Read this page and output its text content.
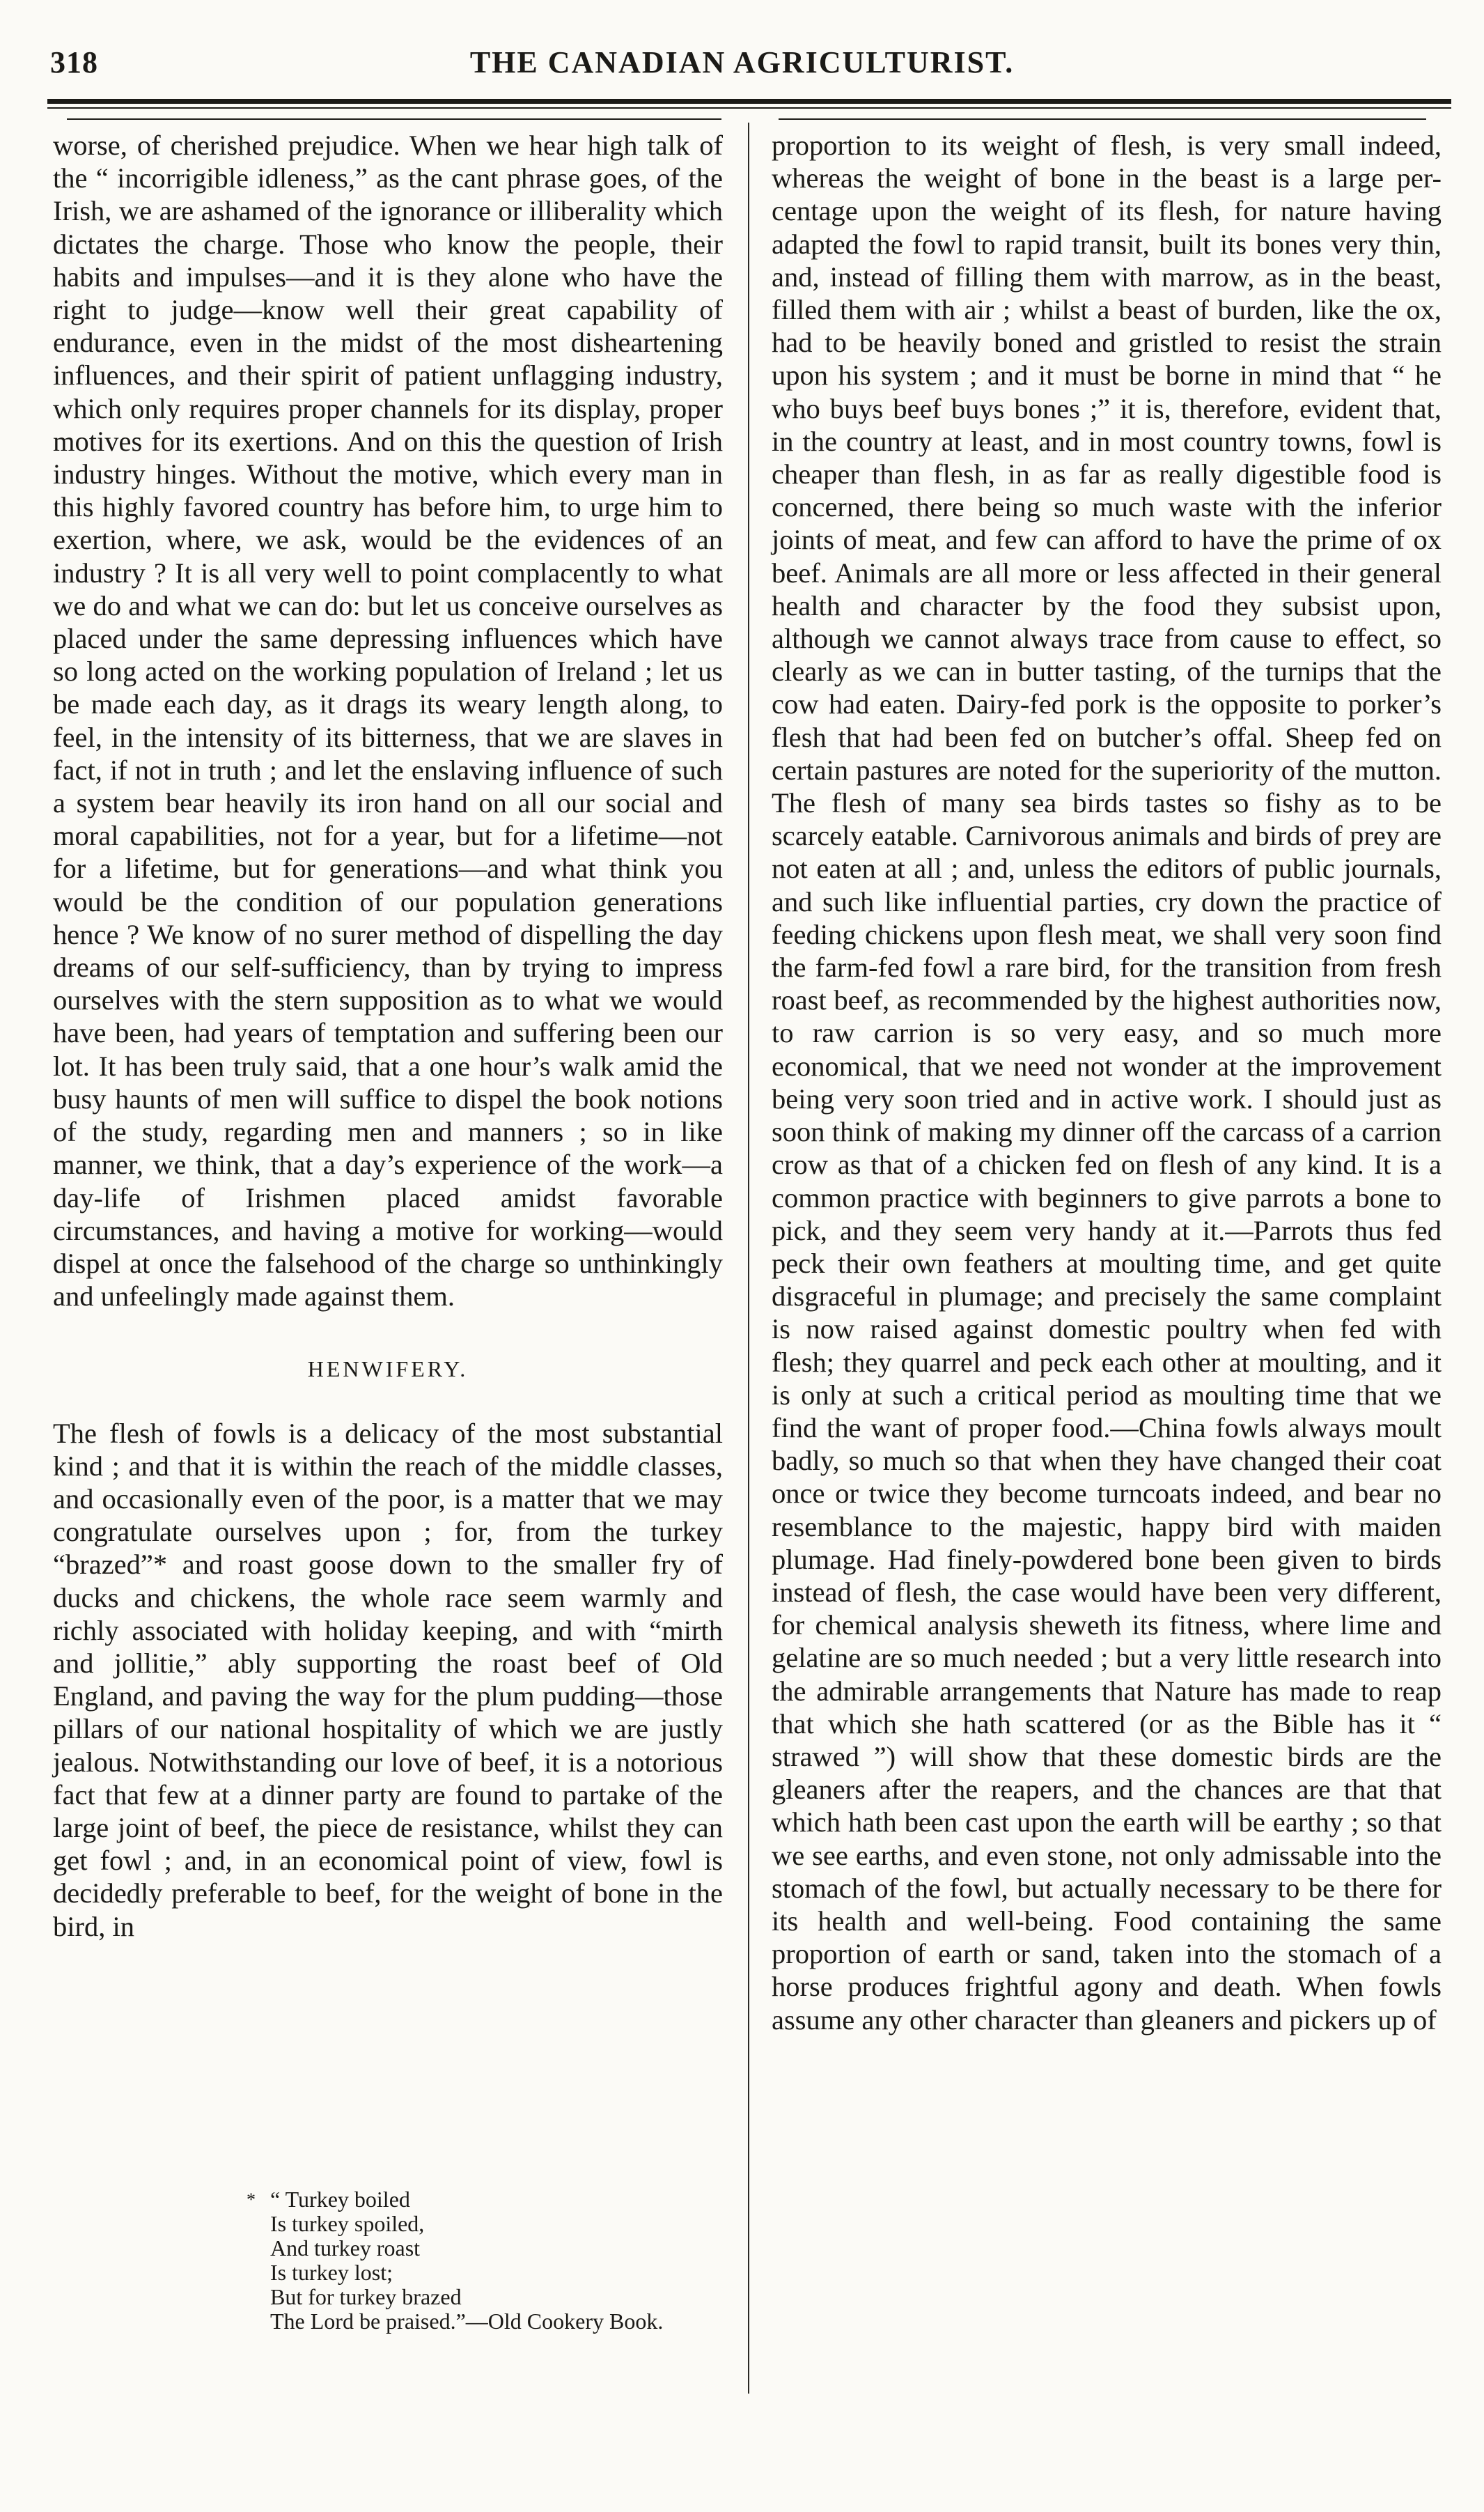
318	THE CANADIAN AGRICULTURIST.

worse, of cherished prejudice. When we hear high talk of the “ incorrigible idleness,” as the cant phrase goes, of the Irish, we are ashamed of the ignorance or illiberality which dictates the charge. Those who know the people, their habits and impulses—and it is they alone who have the right to judge—know well their great capability of endurance, even in the midst of the most disheartening influences, and their spirit of patient unflagging industry, which only requires proper channels for its display, proper motives for its exertions. And on this the question of Irish industry hinges. Without the motive, which every man in this highly favored country has before him, to urge him to exertion, where, we ask, would be the evidences of an industry ? It is all very well to point complacently to what we do and what we can do: but let us conceive ourselves as placed under the same depressing influences which have so long acted on the working population of Ireland ; let us be made each day, as it drags its weary length along, to feel, in the intensity of its bitterness, that we are slaves in fact, if not in truth ; and let the enslaving influence of such a system bear heavily its iron hand on all our social and moral capabilities, not for a year, but for a lifetime—not for a lifetime, but for generations—and what think you would be the condition of our population generations hence ? We know of no surer method of dispelling the day dreams of our self-sufficiency, than by trying to impress ourselves with the stern supposition as to what we would have been, had years of temptation and suffering been our lot. It has been truly said, that a one hour’s walk amid the busy haunts of men will suffice to dispel the book notions of the study, regarding men and manners ; so in like manner, we think, that a day’s experience of the work—a day-life of Irishmen placed amidst favorable circumstances, and having a motive for working—would dispel at once the falsehood of the charge so unthinkingly and unfeelingly made against them.

HENWIFERY.

The flesh of fowls is a delicacy of the most substantial kind ; and that it is within the reach of the middle classes, and occasionally even of the poor, is a matter that we may congratulate ourselves upon ; for, from the turkey “brazed”* and roast goose down to the smaller fry of ducks and chickens, the whole race seem warmly and richly associated with holiday keeping, and with “mirth and jollitie,” ably supporting the roast beef of Old England, and paving the way for the plum pudding—those pillars of our national hospitality of which we are justly jealous. Notwithstanding our love of beef, it is a notorious fact that few at a dinner party are found to partake of the large joint of beef, the piece de resistance, whilst they can get fowl ; and, in an economical point of view, fowl is decidedly preferable to beef, for the weight of bone in the bird, in

proportion to its weight of flesh, is very small indeed, whereas the weight of bone in the beast is a large per-centage upon the weight of its flesh, for nature having adapted the fowl to rapid transit, built its bones very thin, and, instead of filling them with marrow, as in the beast, filled them with air ; whilst a beast of burden, like the ox, had to be heavily boned and gristled to resist the strain upon his system ; and it must be borne in mind that “ he who buys beef buys bones ;” it is, therefore, evident that, in the country at least, and in most country towns, fowl is cheaper than flesh, in as far as really digestible food is concerned, there being so much waste with the inferior joints of meat, and few can afford to have the prime of ox beef. Animals are all more or less affected in their general health and character by the food they subsist upon, although we cannot always trace from cause to effect, so clearly as we can in butter tasting, of the turnips that the cow had eaten. Dairy-fed pork is the opposite to porker’s flesh that had been fed on butcher’s offal. Sheep fed on certain pastures are noted for the superiority of the mutton. The flesh of many sea birds tastes so fishy as to be scarcely eatable. Carnivorous animals and birds of prey are not eaten at all ; and, unless the editors of public journals, and such like influential parties, cry down the practice of feeding chickens upon flesh meat, we shall very soon find the farm-fed fowl a rare bird, for the transition from fresh roast beef, as recommended by the highest authorities now, to raw carrion is so very easy, and so much more economical, that we need not wonder at the improvement being very soon tried and in active work. I should just as soon think of making my dinner off the carcass of a carrion crow as that of a chicken fed on flesh of any kind. It is a common practice with beginners to give parrots a bone to pick, and they seem very handy at it.—Parrots thus fed peck their own feathers at moulting time, and get quite disgraceful in plumage; and precisely the same complaint is now raised against domestic poultry when fed with flesh; they quarrel and peck each other at moulting, and it is only at such a critical period as moulting time that we find the want of proper food.—China fowls always moult badly, so much so that when they have changed their coat once or twice they become turncoats indeed, and bear no resemblance to the majestic, happy bird with maiden plumage. Had finely-powdered bone been given to birds instead of flesh, the case would have been very different, for chemical analysis sheweth its fitness, where lime and gelatine are so much needed ; but a very little research into the admirable arrangements that Nature has made to reap that which she hath scattered (or as the Bible has it “ strawed ”) will show that these domestic birds are the gleaners after the reapers, and the chances are that that which hath been cast upon the earth will be earthy ; so that we see earths, and even stone, not only admissable into the stomach of the fowl, but actually necessary to be there for its health and well-being. Food containing the same proportion of earth or sand, taken into the stomach of a horse produces frightful agony and death. When fowls assume any other character than gleaners and pickers up of

* “ Turkey boiled
Is turkey spoiled,
And turkey roast
Is turkey lost;
But for turkey brazed
The Lord be praised.”—Old Cookery Book.
